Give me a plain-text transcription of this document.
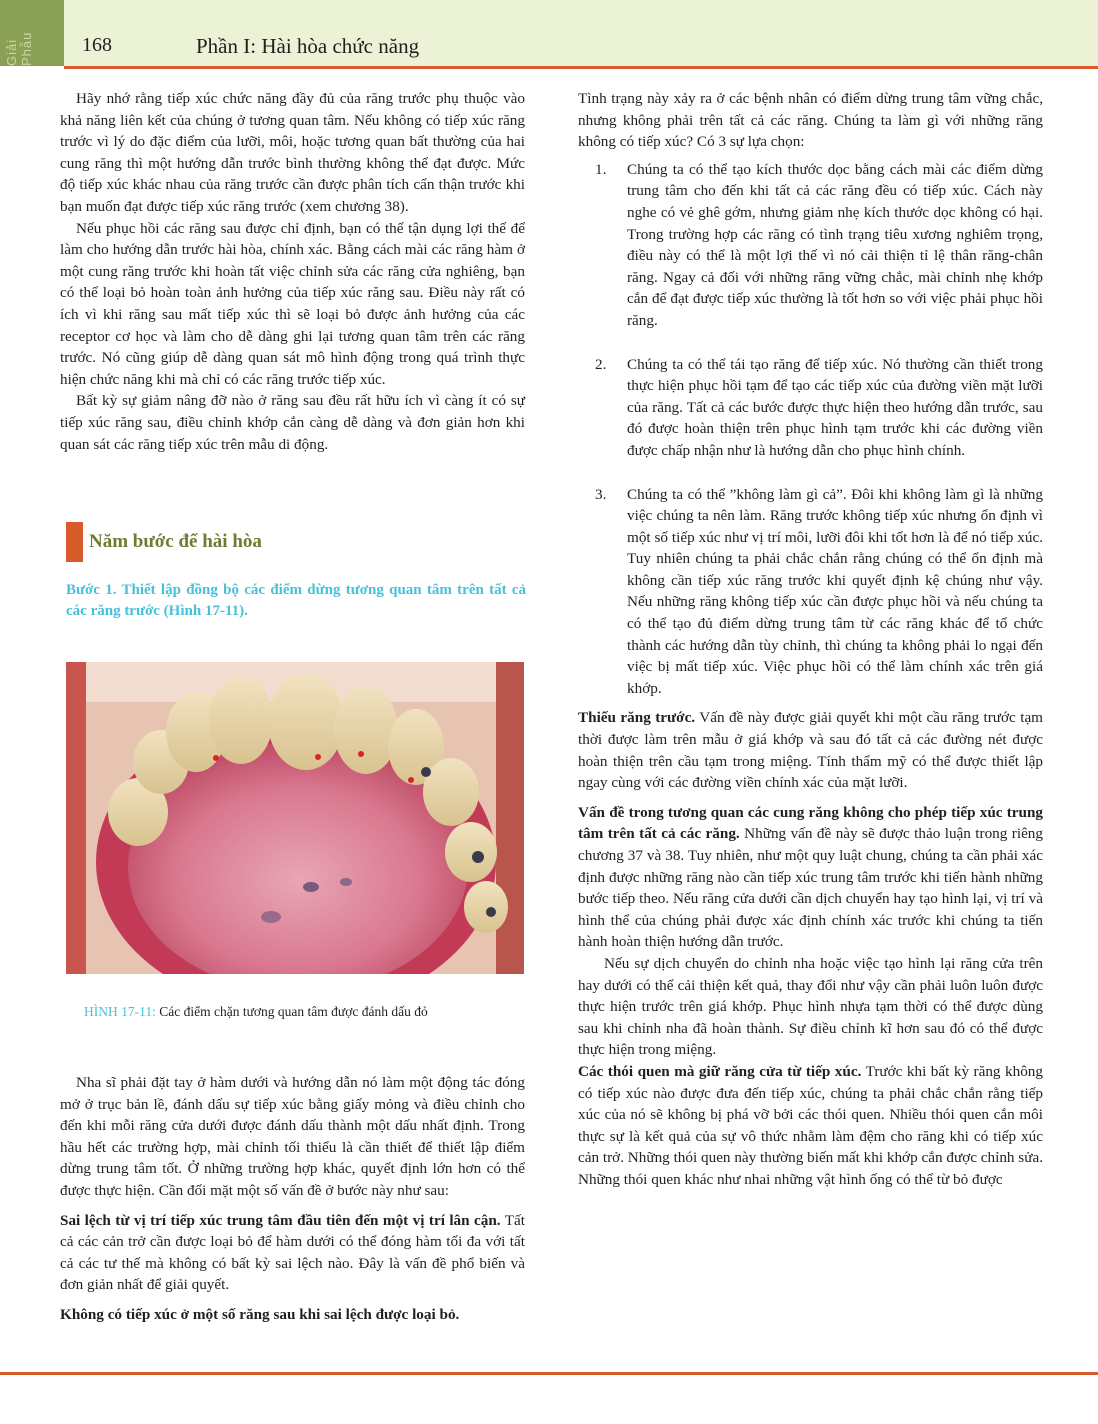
Giải Phẫu 168	Phần I: Hài hòa chức năng

Hãy nhớ rằng tiếp xúc chức năng đầy đủ của răng trước phụ thuộc vào khả năng liên kết của chúng ở tương quan tâm. Nếu không có tiếp xúc răng trước vì lý do đặc điểm của lưỡi, môi, hoặc tương quan bất thường của hai cung răng thì một hướng dẫn trước bình thường không thể đạt được. Mức độ tiếp xúc khác nhau của răng trước cần được phân tích cẩn thận trước khi bạn muốn đạt được tiếp xúc răng trước (xem chương 38).

Nếu phục hồi các răng sau được chỉ định, bạn có thể tận dụng lợi thế để làm cho hướng dẫn trước hài hòa, chính xác. Bằng cách mài các răng hàm ở một cung răng trước khi hoàn tất việc chỉnh sửa các răng cửa nghiêng, bạn có thể loại bỏ hoàn toàn ảnh hưởng của tiếp xúc răng sau. Điều này rất có ích vì khi răng sau mất tiếp xúc thì sẽ loại bỏ được ảnh hưởng của các receptor cơ học và làm cho dễ dàng ghi lại tương quan tâm trên các răng trước. Nó cũng giúp dễ dàng quan sát mô hình động trong quá trình thực hiện chức năng khi mà chỉ có các răng trước tiếp xúc.

Bất kỳ sự giảm nâng đỡ nào ở răng sau đều rất hữu ích vì càng ít có sự tiếp xúc răng sau, điều chỉnh khớp cắn càng dễ dàng và đơn giản hơn khi quan sát các răng tiếp xúc trên mẫu di động.

Năm bước để hài hòa

Bước 1. Thiết lập đồng bộ các điểm dừng tương quan tâm trên tất cả các răng trước (Hình 17-11).

HÌNH 17-11: Các điểm chặn tương quan tâm được đánh dấu đỏ

Nha sĩ phải đặt tay ở hàm dưới và hướng dẫn nó làm một động tác đóng mở ở trục bản lề, đánh dấu sự tiếp xúc bằng giấy mỏng và điều chỉnh cho đến khi mỗi răng cửa dưới được đánh dấu thành một dấu nhất định. Trong hầu hết các trường hợp, mài chỉnh tối thiểu là cần thiết để thiết lập điểm dừng trung tâm tốt. Ở những trường hợp khác, quyết định lớn hơn có thể được thực hiện. Cần đối mặt một số vấn đề ở bước này như sau:

Sai lệch từ vị trí tiếp xúc trung tâm đầu tiên đến một vị trí lân cận. Tất cả các cản trở cần được loại bỏ để hàm dưới có thể đóng hàm tối đa với tất cả các tư thế mà không có bất kỳ sai lệch nào. Đây là vấn đề phổ biến và đơn giản nhất để giải quyết.

Không có tiếp xúc ở một số răng sau khi sai lệch được loại bỏ.

Tình trạng này xảy ra ở các bệnh nhân có điểm dừng trung tâm vững chắc, nhưng không phải trên tất cả các răng. Chúng ta làm gì với những răng không có tiếp xúc? Có 3 sự lựa chọn:

1. Chúng ta có thể tạo kích thước dọc bằng cách mài các điểm dừng trung tâm cho đến khi tất cả các răng đều có tiếp xúc. Cách này nghe có vẻ ghê gớm, nhưng giảm nhẹ kích thước dọc không có hại. Trong trường hợp các răng có tình trạng tiêu xương nghiêm trọng, điều này có thể là một lợi thế vì nó cải thiện tỉ lệ thân răng-chân răng. Ngay cả đối với những răng vững chắc, mài chỉnh nhẹ khớp cắn để đạt được tiếp xúc thường là tốt hơn so với việc phải phục hồi răng.
2. Chúng ta có thể tái tạo răng để tiếp xúc. Nó thường cần thiết trong thực hiện phục hồi tạm để tạo các tiếp xúc của đường viền mặt lưỡi của răng. Tất cả các bước được thực hiện theo hướng dẫn trước, sau đó được hoàn thiện trên phục hình tạm trước khi các đường viền được chấp nhận như là hướng dẫn cho phục hình chính.
3. Chúng ta có thể ”không làm gì cả”. Đôi khi không làm gì là những việc chúng ta nên làm. Răng trước không tiếp xúc nhưng ổn định vì một số tiếp xúc như vị trí môi, lưỡi đôi khi tốt hơn là để nó tiếp xúc. Tuy nhiên chúng ta phải chắc chắn rằng chúng có thể ổn định mà không cần tiếp xúc răng trước khi quyết định kệ chúng như vậy. Nếu những răng không tiếp xúc cần được phục hồi và nếu chúng ta có thể tạo đủ điểm dừng trung tâm từ các răng khác để tổ chức thành các hướng dẫn tùy chỉnh, thì chúng ta không phải lo ngại đến việc bị mất tiếp xúc. Việc phục hồi có thể làm chính xác trên giá khớp.

Thiếu răng trước. Vấn đề này được giải quyết khi một cầu răng trước tạm thời được làm trên mẫu ở giá khớp và sau đó tất cả các đường nét được hoàn thiện trên cầu tạm trong miệng. Tính thẩm mỹ có thể được thiết lập ngay cùng với các đường viền chính xác của mặt lưỡi.

Vấn đề trong tương quan các cung răng không cho phép tiếp xúc trung tâm trên tất cả các răng. Những vấn đề này sẽ được thảo luận trong riêng chương 37 và 38. Tuy nhiên, như một quy luật chung, chúng ta cần phải xác định được những răng nào cần tiếp xúc trung tâm trước khi tiến hành những bước tiếp theo. Nếu răng cửa dưới cần dịch chuyển hay tạo hình lại, vị trí và hình thể của chúng phải được xác định chính xác trước khi chúng ta tiến hành hoàn thiện hướng dẫn trước.

Nếu sự dịch chuyển do chỉnh nha hoặc việc tạo hình lại răng cửa trên hay dưới có thể cải thiện kết quả, thay đổi như vậy cần phải luôn luôn được thực hiện trước trên giá khớp. Phục hình nhựa tạm thời có thể được dùng sau khi chỉnh nha đã hoàn thành. Sự điều chỉnh kĩ hơn sau đó có thể được thực hiện trong miệng.

Các thói quen mà giữ răng cửa từ tiếp xúc. Trước khi bất kỳ răng không có tiếp xúc nào được đưa đến tiếp xúc, chúng ta phải chắc chắn rằng tiếp xúc của nó sẽ không bị phá vỡ bởi các thói quen. Nhiều thói quen cắn môi thực sự là kết quả của sự vô thức nhằm làm đệm cho răng khi có tiếp xúc cản trở. Những thói quen này thường biến mất khi khớp cắn được chỉnh sửa. Những thói quen khác như nhai những vật hình ống có thể từ bỏ được
